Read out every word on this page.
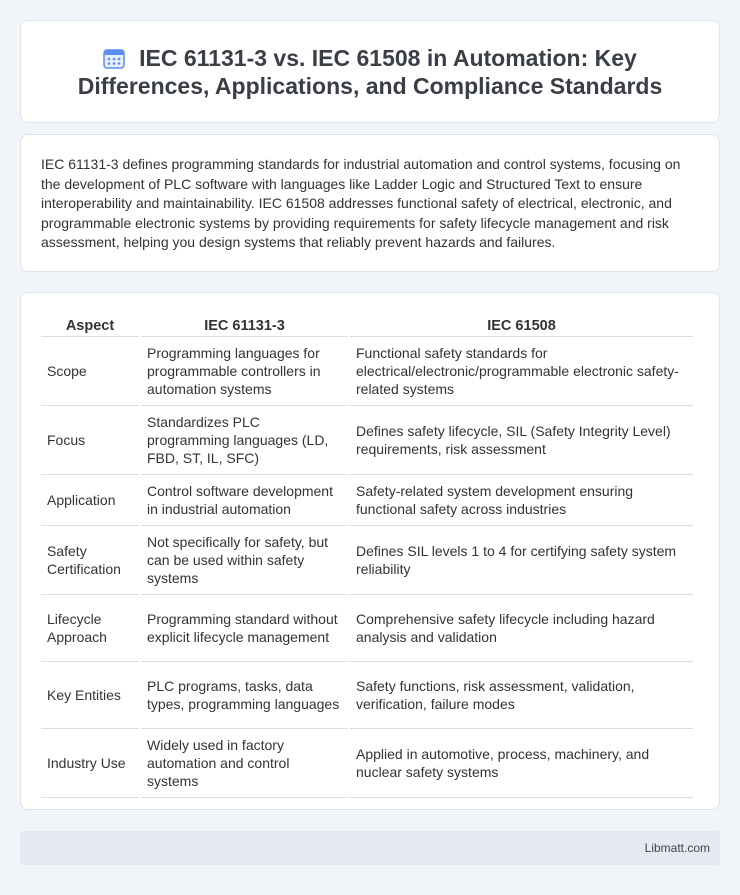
IEC 61131-3 vs. IEC 61508 in Automation: Key Differences, Applications, and Compliance Standards

IEC 61131-3 defines programming standards for industrial automation and control systems, focusing on the development of PLC software with languages like Ladder Logic and Structured Text to ensure interoperability and maintainability. IEC 61508 addresses functional safety of electrical, electronic, and programmable electronic systems by providing requirements for safety lifecycle management and risk assessment, helping you design systems that reliably prevent hazards and failures.

Aspect	IEC 61131-3	IEC 61508
Scope	Programming languages for programmable controllers in automation systems	Functional safety standards for electrical/electronic/programmable electronic safety-related systems
Focus	Standardizes PLC programming languages (LD, FBD, ST, IL, SFC)	Defines safety lifecycle, SIL (Safety Integrity Level) requirements, risk assessment
Application	Control software development in industrial automation	Safety-related system development ensuring functional safety across industries
Safety Certification	Not specifically for safety, but can be used within safety systems	Defines SIL levels 1 to 4 for certifying safety system reliability
Lifecycle Approach	Programming standard without explicit lifecycle management	Comprehensive safety lifecycle including hazard analysis and validation
Key Entities	PLC programs, tasks, data types, programming languages	Safety functions, risk assessment, validation, verification, failure modes
Industry Use	Widely used in factory automation and control systems	Applied in automotive, process, machinery, and nuclear safety systems
Libmatt.com
